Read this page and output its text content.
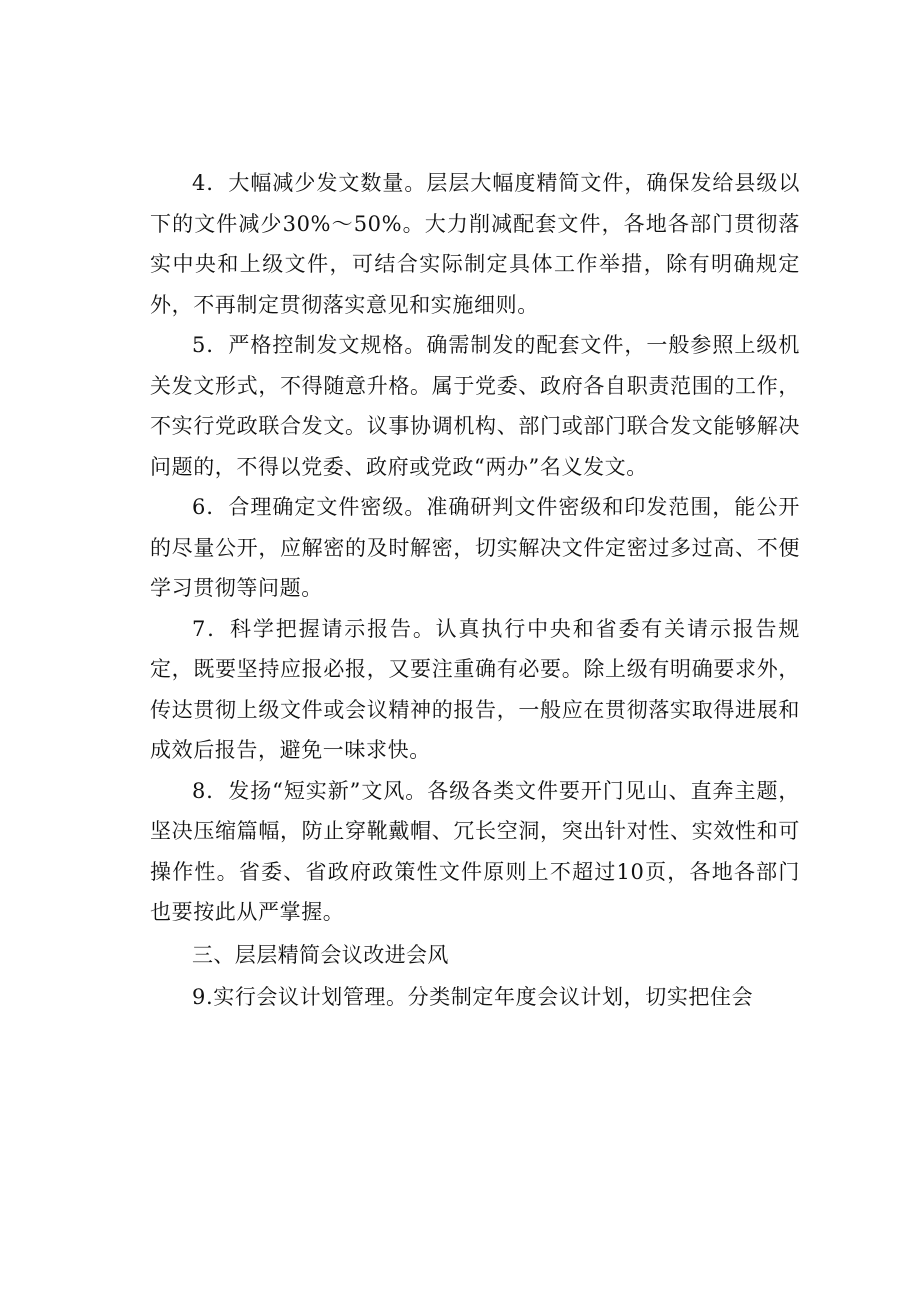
4．大幅减少发文数量。层层大幅度精简文件，确保发给县级以下的文件减少30%～50%。大力削减配套文件，各地各部门贯彻落实中央和上级文件，可结合实际制定具体工作举措，除有明确规定外，不再制定贯彻落实意见和实施细则。

5．严格控制发文规格。确需制发的配套文件，一般参照上级机关发文形式，不得随意升格。属于党委、政府各自职责范围的工作，不实行党政联合发文。议事协调机构、部门或部门联合发文能够解决问题的，不得以党委、政府或党政“两办”名义发文。

6．合理确定文件密级。准确研判文件密级和印发范围，能公开的尽量公开，应解密的及时解密，切实解决文件定密过多过高、不便学习贯彻等问题。

7．科学把握请示报告。认真执行中央和省委有关请示报告规定，既要坚持应报必报，又要注重确有必要。除上级有明确要求外，传达贯彻上级文件或会议精神的报告，一般应在贯彻落实取得进展和成效后报告，避免一味求快。

8．发扬“短实新”文风。各级各类文件要开门见山、直奔主题，坚决压缩篇幅，防止穿靴戴帽、冗长空洞，突出针对性、实效性和可操作性。省委、省政府政策性文件原则上不超过10页，各地各部门也要按此从严掌握。

三、层层精简会议改进会风

9.实行会议计划管理。分类制定年度会议计划，切实把住会
